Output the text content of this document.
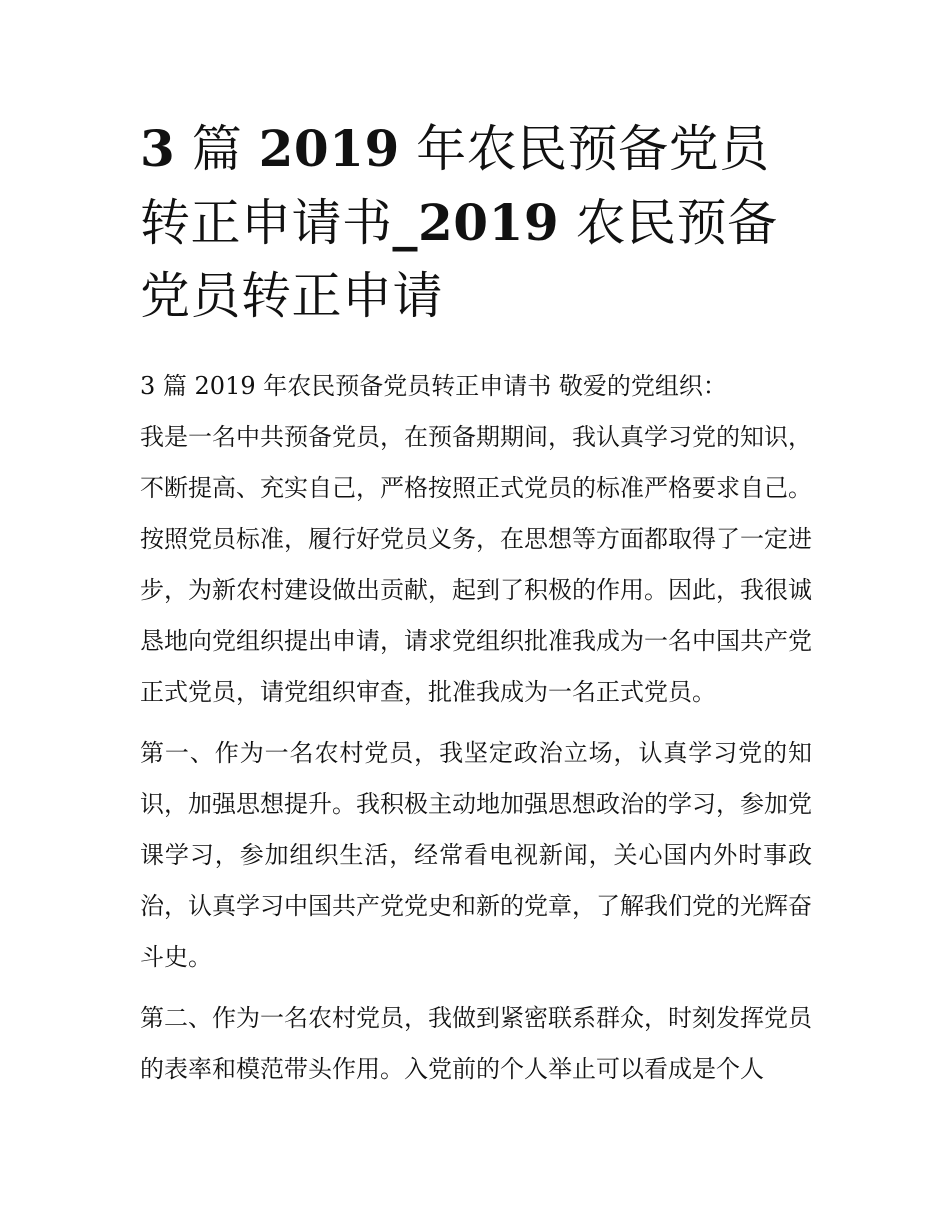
3 篇 2019 年农民预备党员转正申请书_2019 农民预备党员转正申请

3 篇 2019 年农民预备党员转正申请书 敬爱的党组织：

我是一名中共预备党员，在预备期期间，我认真学习党的知识，不断提高、充实自己，严格按照正式党员的标准严格要求自己。按照党员标准，履行好党员义务，在思想等方面都取得了一定进步，为新农村建设做出贡献，起到了积极的作用。因此，我很诚恳地向党组织提出申请，请求党组织批准我成为一名中国共产党正式党员，请党组织审查，批准我成为一名正式党员。

第一、作为一名农村党员，我坚定政治立场，认真学习党的知识，加强思想提升。我积极主动地加强思想政治的学习，参加党课学习，参加组织生活，经常看电视新闻，关心国内外时事政治，认真学习中国共产党党史和新的党章，了解我们党的光辉奋斗史。

第二、作为一名农村党员，我做到紧密联系群众，时刻发挥党员的表率和模范带头作用。入党前的个人举止可以看成是个人
